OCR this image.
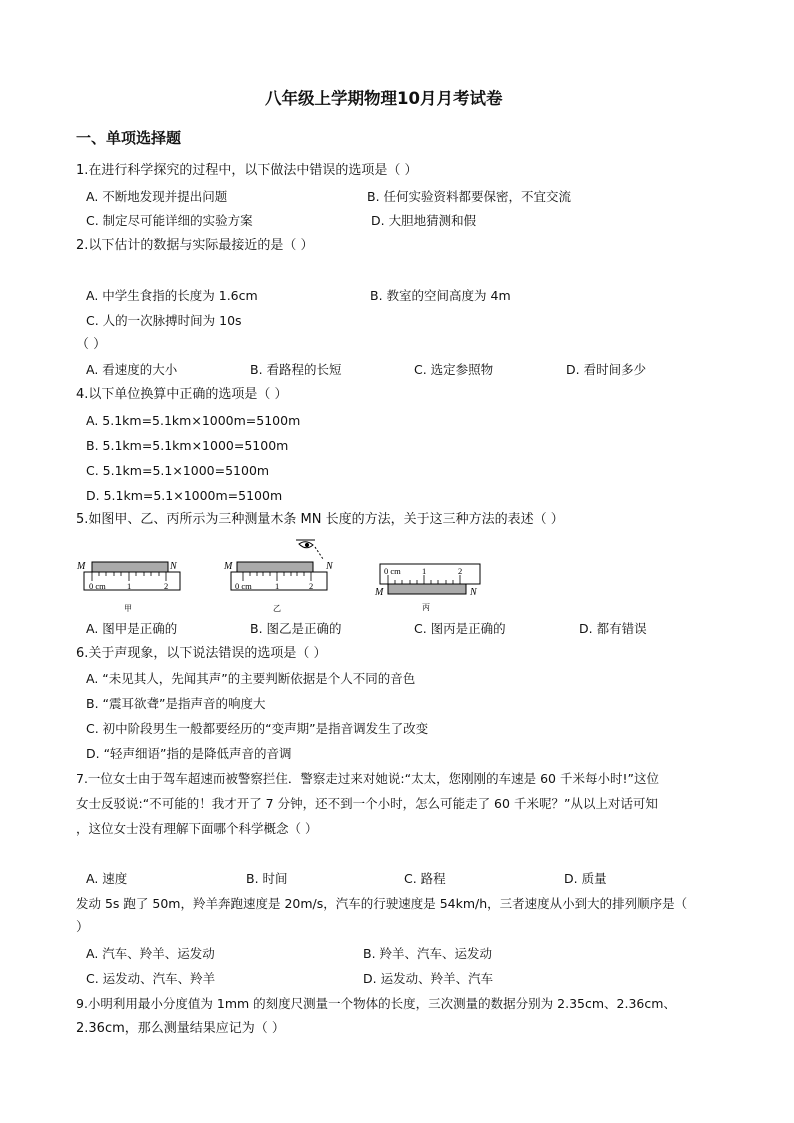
八年级上学期物理10月月考试卷
一、单项选择题
1.在进行科学探究的过程中，以下做法中错误的选项是（ ）
A. 不断地发现并提出问题	B. 任何实验资料都要保密，不宜交流
C. 制定尽可能详细的实验方案	D. 大胆地猜测和假
2.以下估计的数据与实际最接近的是（ ）
A. 中学生食指的长度为 1.6cm	B. 教室的空间高度为 4m
C. 人的一次脉搏时间为 10s
（ ）
A. 看速度的大小	B. 看路程的长短	C. 选定参照物	D. 看时间多少
4.以下单位换算中正确的选项是（ ）
A. 5.1km=5.1km×1000m=5100m
B. 5.1km=5.1km×1000=5100m
C. 5.1km=5.1×1000=5100m
D. 5.1km=5.1×1000m=5100m
5.如图甲、乙、丙所示为三种测量木条 MN 长度的方法，关于这三种方法的表述（ ）
M	N
0 cm 1	2
甲
M	N
0 cm	1	2
乙
0 cm 1	2
M	N
丙
A. 图甲是正确的	B. 图乙是正确的	C. 图丙是正确的	D. 都有错误
6.关于声现象，以下说法错误的选项是（ ）
A. “未见其人，先闻其声”的主要判断依据是个人不同的音色
B. “震耳欲聋”是指声音的响度大
C. 初中阶段男生一般都要经历的“变声期”是指音调发生了改变
D. “轻声细语”指的是降低声音的音调
7.一位女士由于驾车超速而被警察拦住．警察走过来对她说:“太太，您刚刚的车速是 60 千米每小时!”这位
女士反驳说:“不可能的！我才开了 7 分钟，还不到一个小时，怎么可能走了 60 千米呢？”从以上对话可知
，这位女士没有理解下面哪个科学概念（ ）
A. 速度	B. 时间	C. 路程	D. 质量
发动 5s 跑了 50m，羚羊奔跑速度是 20m/s，汽车的行驶速度是 54km/h，三者速度从小到大的排列顺序是（
）
A. 汽车、羚羊、运发动	B. 羚羊、汽车、运发动
C. 运发动、汽车、羚羊	D. 运发动、羚羊、汽车
9.小明利用最小分度值为 1mm 的刻度尺测量一个物体的长度，三次测量的数据分别为 2.35cm、2.36cm、
2.36cm，那么测量结果应记为（ ）
